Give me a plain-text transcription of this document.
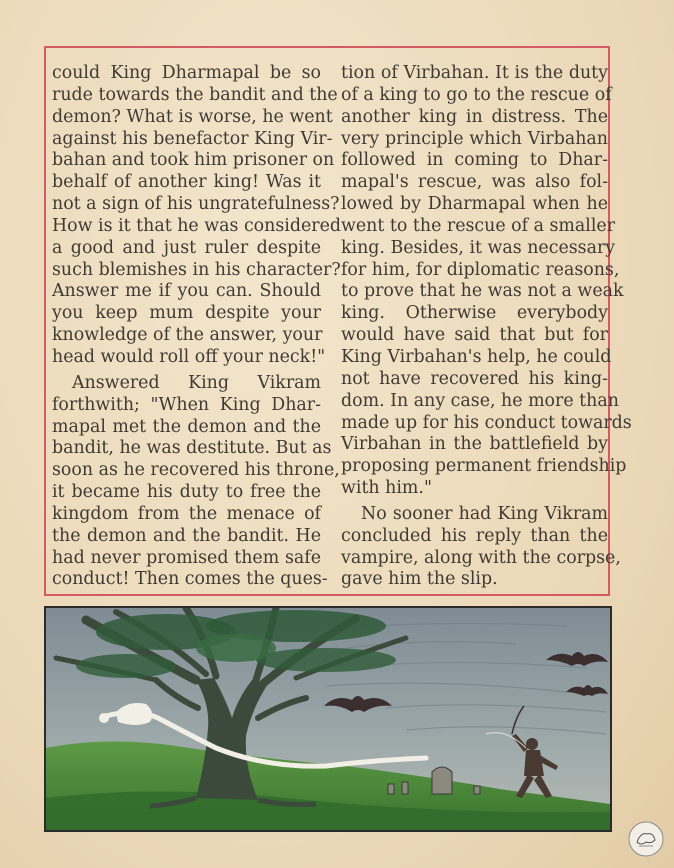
could King Dharmapal be so
rude towards the bandit and the
demon? What is worse, he went
against his benefactor King Vir-
bahan and took him prisoner on
behalf of another king! Was it
not a sign of his ungratefulness?
How is it that he was considered
a good and just ruler despite
such blemishes in his character?
Answer me if you can. Should
you keep mum despite your
knowledge of the answer, your
head would roll off your neck!"

Answered King Vikram
forthwith; "When King Dhar-
mapal met the demon and the
bandit, he was destitute. But as
soon as he recovered his throne,
it became his duty to free the
kingdom from the menace of
the demon and the bandit. He
had never promised them safe
conduct! Then comes the ques-

tion of Virbahan. It is the duty
of a king to go to the rescue of
another king in distress. The
very principle which Virbahan
followed in coming to Dhar-
mapal's rescue, was also fol-
lowed by Dharmapal when he
went to the rescue of a smaller
king. Besides, it was necessary
for him, for diplomatic reasons,
to prove that he was not a weak
king. Otherwise everybody
would have said that but for
King Virbahan's help, he could
not have recovered his king-
dom. In any case, he more than
made up for his conduct towards
Virbahan in the battlefield by
proposing permanent friendship
with him."

No sooner had King Vikram
concluded his reply than the
vampire, along with the corpse,
gave him the slip.
